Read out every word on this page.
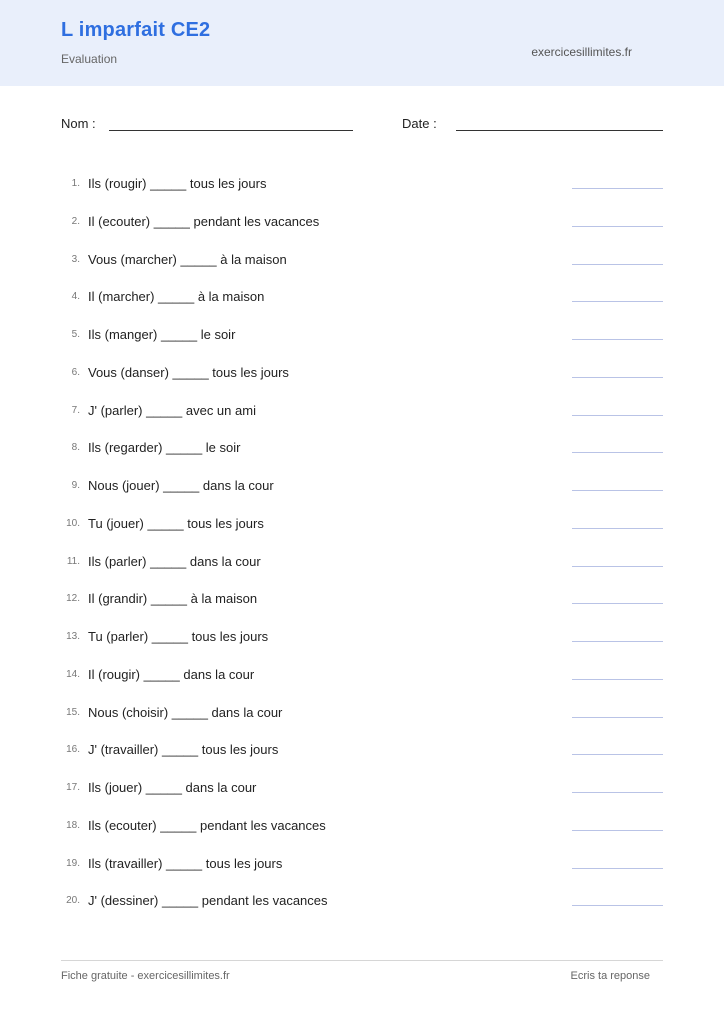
L imparfait CE2
Evaluation	exercicesillimites.fr
Nom :	Date :
1. Ils (rougir) _____ tous les jours
2. Il (ecouter) _____ pendant les vacances
3. Vous (marcher) _____ à la maison
4. Il (marcher) _____ à la maison
5. Ils (manger) _____ le soir
6. Vous (danser) _____ tous les jours
7. J' (parler) _____ avec un ami
8. Ils (regarder) _____ le soir
9. Nous (jouer) _____ dans la cour
10. Tu (jouer) _____ tous les jours
11. Ils (parler) _____ dans la cour
12. Il (grandir) _____ à la maison
13. Tu (parler) _____ tous les jours
14. Il (rougir) _____ dans la cour
15. Nous (choisir) _____ dans la cour
16. J' (travailler) _____ tous les jours
17. Ils (jouer) _____ dans la cour
18. Ils (ecouter) _____ pendant les vacances
19. Ils (travailler) _____ tous les jours
20. J' (dessiner) _____ pendant les vacances
Fiche gratuite - exercicesillimites.fr	Ecris ta reponse
